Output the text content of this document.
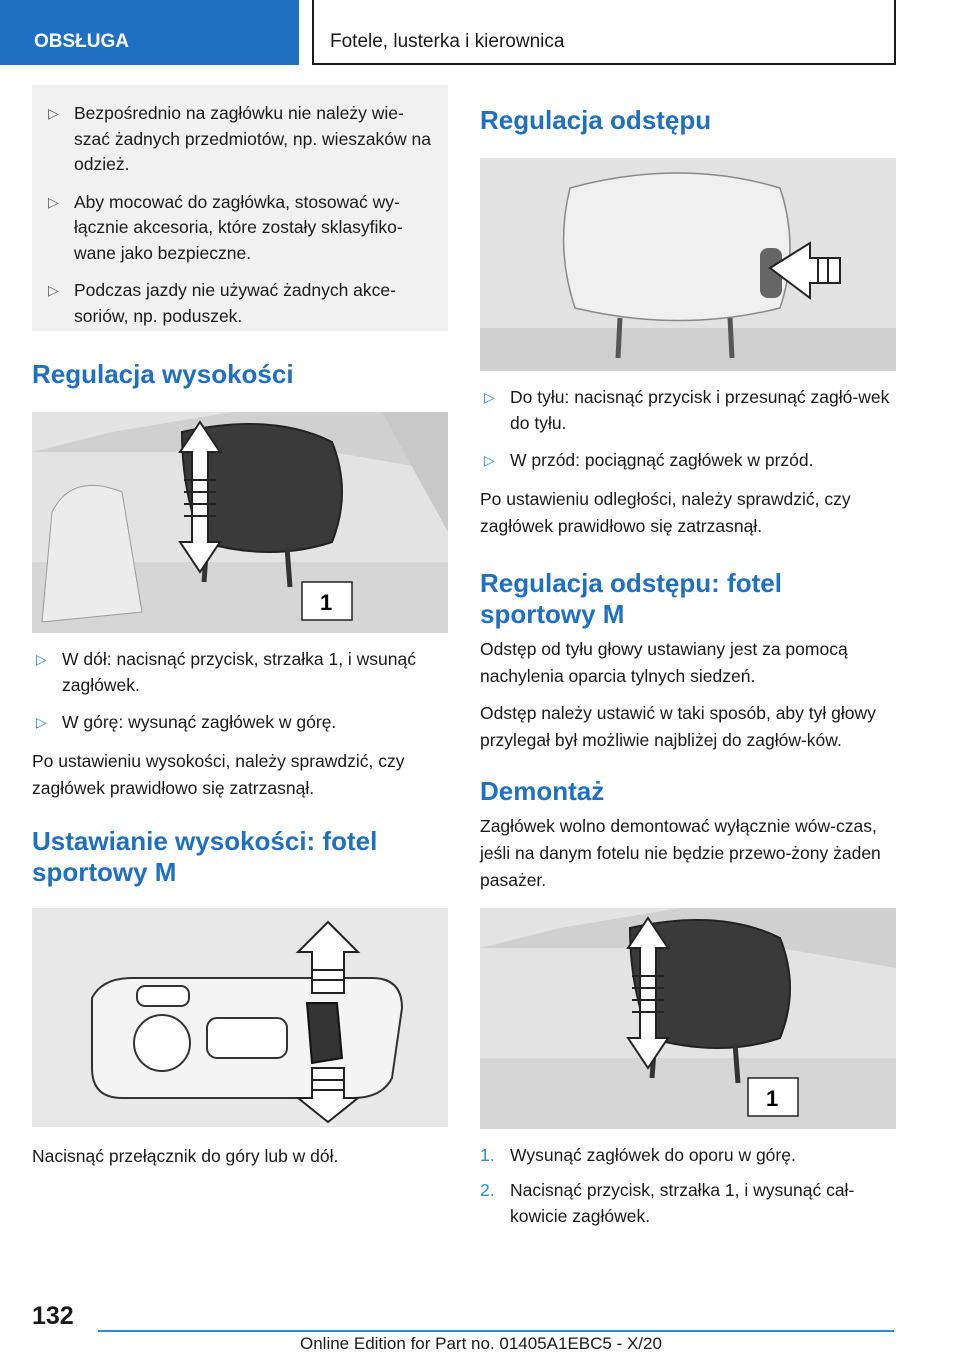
OBSŁUGA	Fotele, lusterka i kierownica
▷ Bezpośrednio na zagłówku nie należy wie-szać żadnych przedmiotów, np. wieszaków na odzież.
▷ Aby mocować do zagłówka, stosować wy-łącznie akcesoria, które zostały sklasyfiko-wane jako bezpieczne.
▷ Podczas jazdy nie używać żadnych akce-soriów, np. poduszek.
Regulacja wysokości
1
▷ W dół: nacisnąć przycisk, strzałka 1, i wsunąć zagłówek.
▷ W górę: wysunąć zagłówek w górę.

Po ustawieniu wysokości, należy sprawdzić, czy zagłówek prawidłowo się zatrzasnął.

Ustawianie wysokości: fotel sportowy M

Nacisnąć przełącznik do góry lub w dół.

Regulacja odstępu
▷ Do tyłu: nacisnąć przycisk i przesunąć zagłó-wek do tyłu.
▷ W przód: pociągnąć zagłówek w przód.

Po ustawieniu odległości, należy sprawdzić, czy zagłówek prawidłowo się zatrzasnął.

Regulacja odstępu: fotel sportowy M

Odstęp od tyłu głowy ustawiany jest za pomocą nachylenia oparcia tylnych siedzeń.

Odstęp należy ustawić w taki sposób, aby tył głowy przylegał był możliwie najbliżej do zagłów-ków.

Demontaż

Zagłówek wolno demontować wyłącznie wów-czas, jeśli na danym fotelu nie będzie przewo-żony żaden pasażer.

1
1. Wysunąć zagłówek do oporu w górę.
2. Nacisnąć przycisk, strzałka 1, i wysunąć cał-kowicie zagłówek.
132
Online Edition for Part no. 01405A1EBC5 - X/20
